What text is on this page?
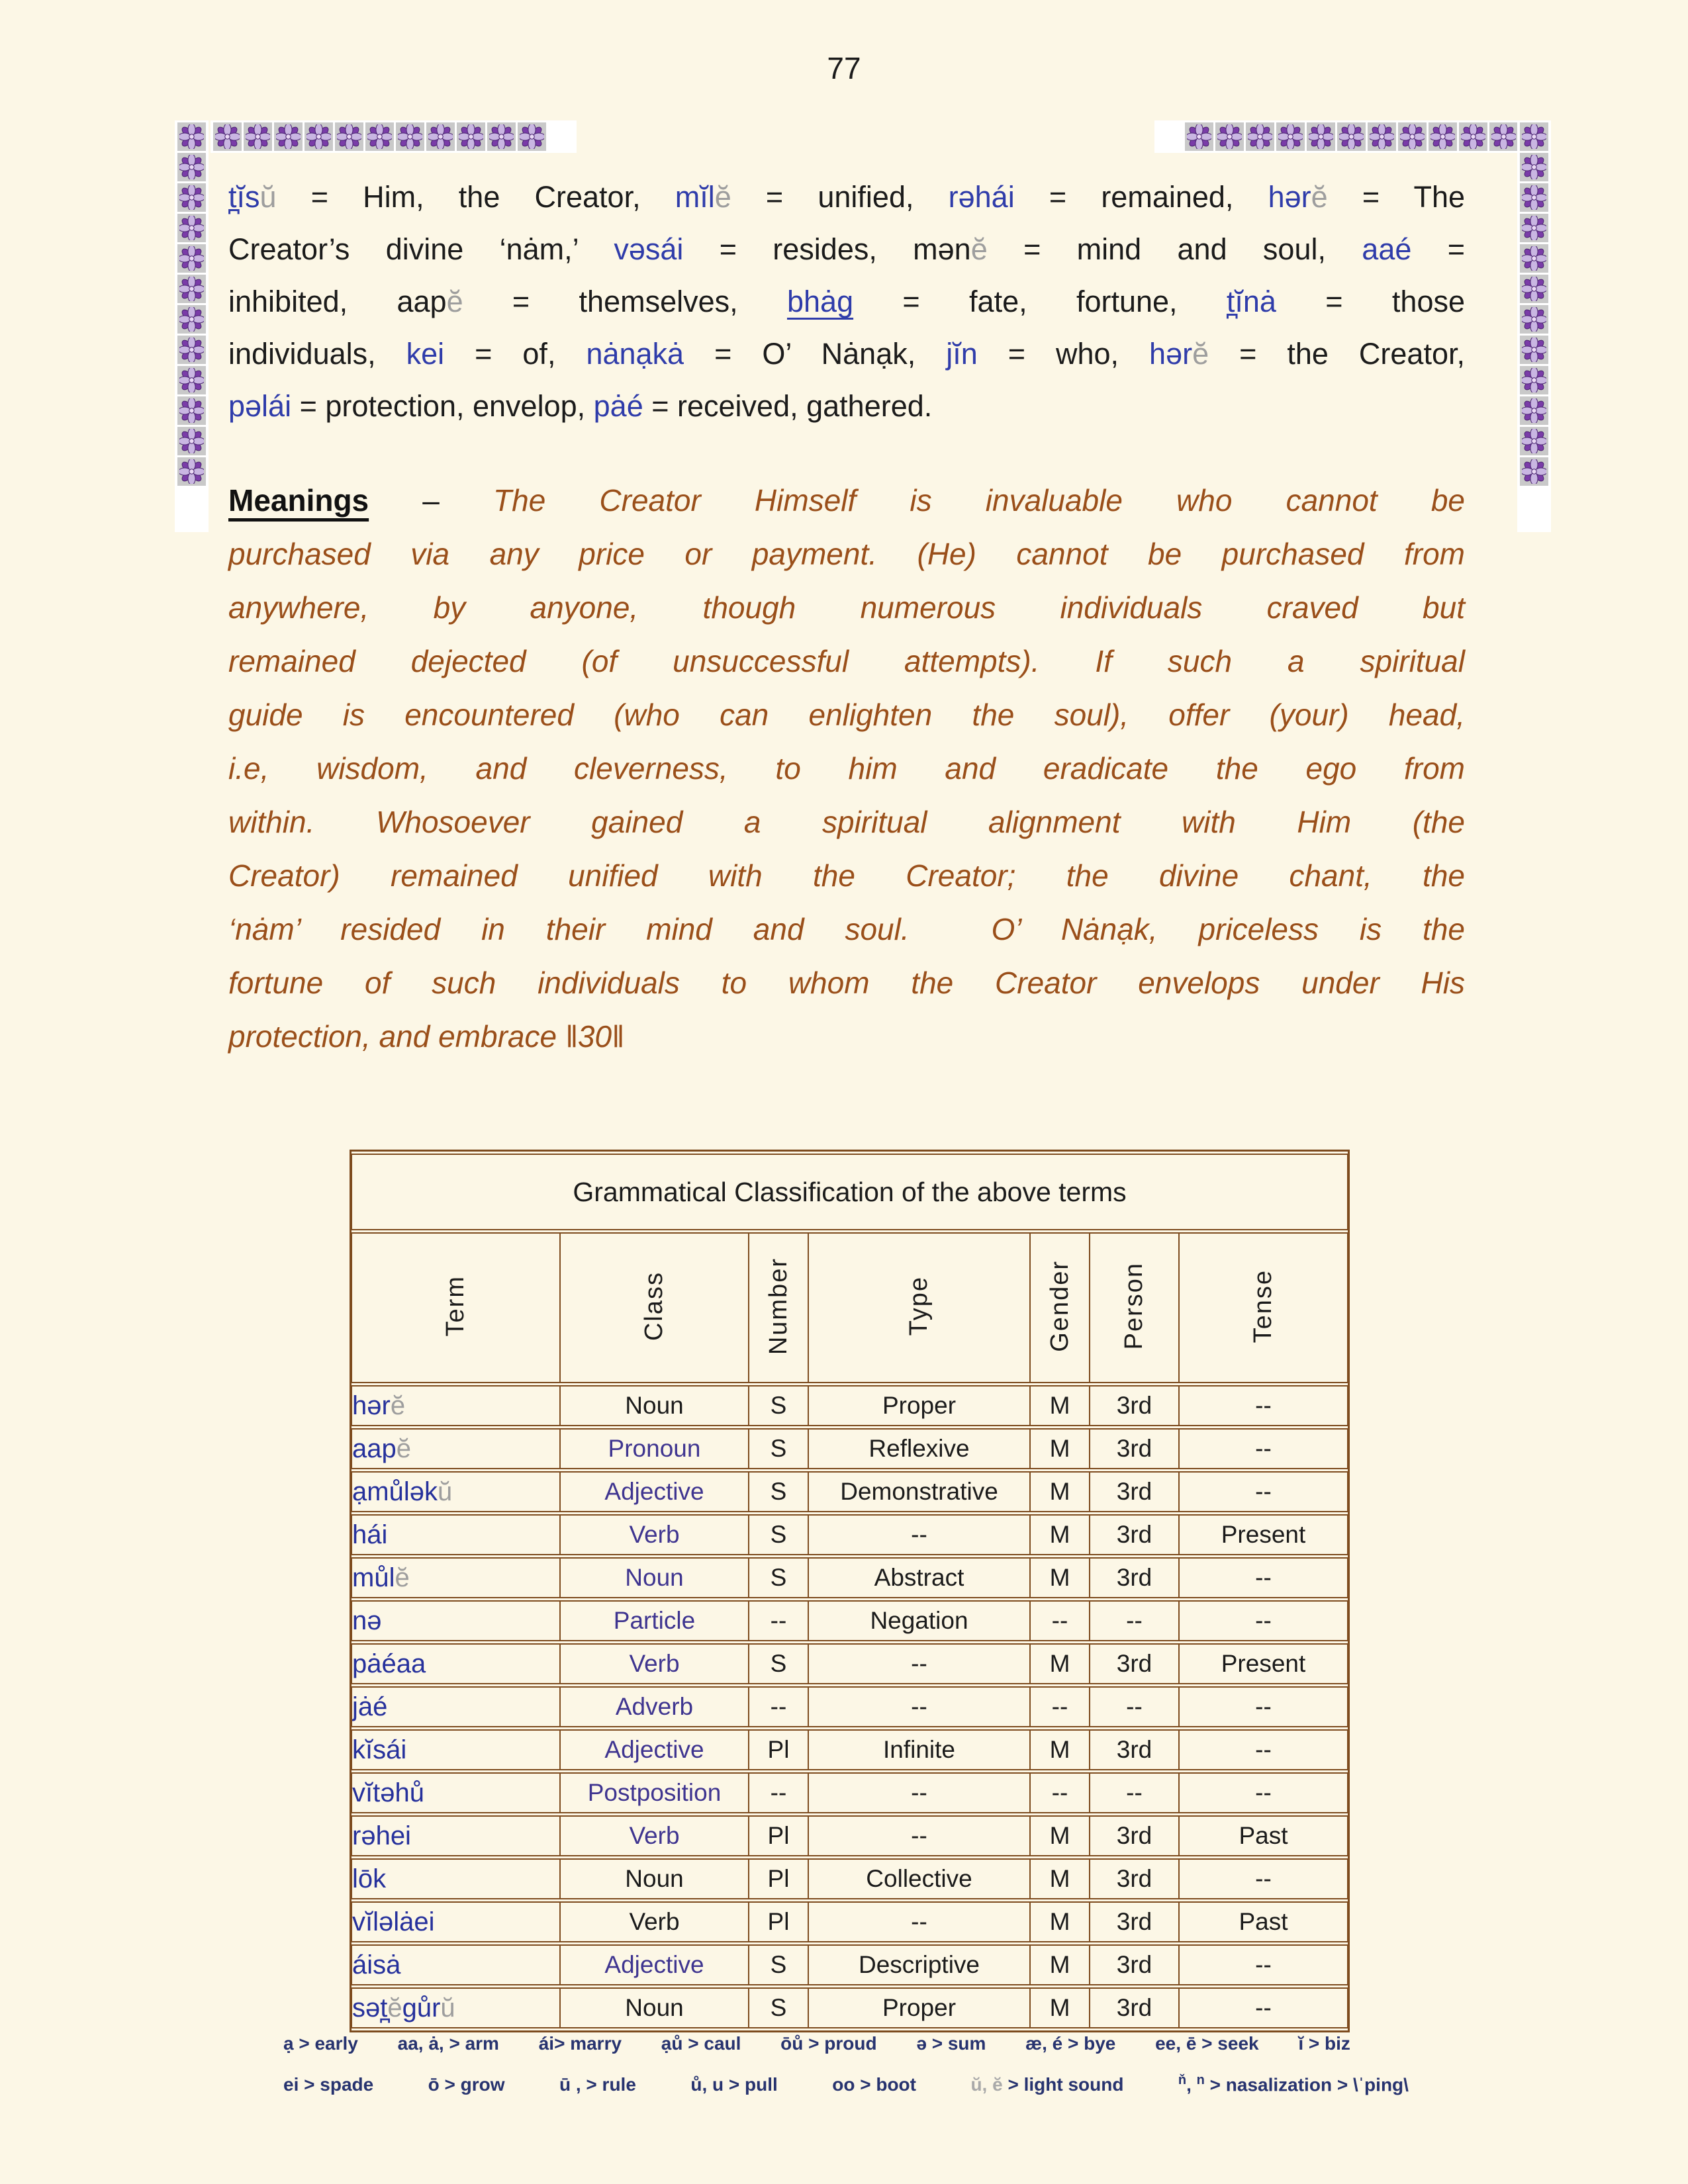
77
t̪ĭsŭ = Him, the Creator, mĭlĕ = unified, rəhái = remained, hərĕ = The
Creator’s divine ‘nȧm,’ vəsái = resides, mənĕ = mind and soul, aaé =
inhibited, aapĕ = themselves, bhȧg = fate, fortune, t̪ĭnȧ = those
individuals, kei = of, nȧnạkȧ = O’ Nȧnạk, jĭn = who, hərĕ = the Creator,
pəlái = protection, envelop, pȧé = received, gathered.
Meanings – The Creator Himself is invaluable who cannot be
purchased via any price or payment. (He) cannot be purchased from
anywhere, by anyone, though numerous individuals craved but
remained dejected (of unsuccessful attempts). If such a spiritual
guide is encountered (who can enlighten the soul), offer (your) head,
i.e, wisdom, and cleverness, to him and eradicate the ego from
within. Whosoever gained a spiritual alignment with Him (the
Creator) remained unified with the Creator; the divine chant, the
‘nȧm’ resided in their mind and soul.  O’ Nȧnạk, priceless is the
fortune of such individuals to whom the Creator envelops under His
protection, and embrace ‖30‖
Grammatical Classification of the above terms						
Term	Class	Number	Type	Gender	Person	Tense
hərĕ	Noun	S	Proper	M	3rd	--
aapĕ	Pronoun	S	Reflexive	M	3rd	--
ạmůləkŭ	Adjective	S	Demonstrative	M	3rd	--
hái	Verb	S	--	M	3rd	Present
můlĕ	Noun	S	Abstract	M	3rd	--
nə	Particle	--	Negation	--	--	--
pȧéaa	Verb	S	--	M	3rd	Present
jȧé	Adverb	--	--	--	--	--
kĭsái	Adjective	Pl	Infinite	M	3rd	--
vĭtəhů	Postposition	--	--	--	--	--
rəhei	Verb	Pl	--	M	3rd	Past
lōk	Noun	Pl	Collective	M	3rd	--
vĭləlȧei	Verb	Pl	--	M	3rd	Past
áisȧ	Adjective	S	Descriptive	M	3rd	--
sət̪ĕgůrŭ	Noun	S	Proper	M	3rd	--
ạ > early aa, ȧ, > arm ái> marry ạů > caul ōů > proud ə > sum æ, é > bye ee, ē > seek ĭ > biz
ei > spade	ō > grow	ū , > rule	ů, u > pull	oo > boot	ŭ, ĕ > light sound	$^ň$, $^n$ > nasalization > \ˈping\
